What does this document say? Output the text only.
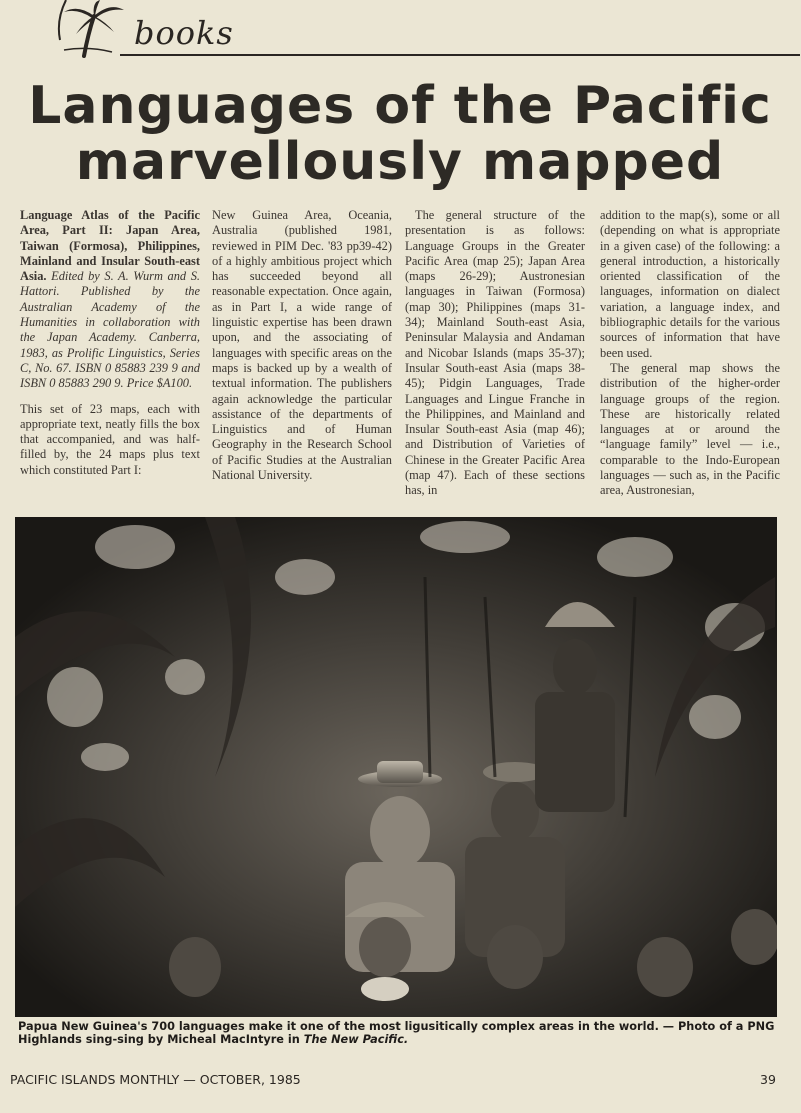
books
Languages of the Pacific
marvellously mapped
Language Atlas of the Pacific Area, Part II: Japan Area, Taiwan (Formosa), Philippines, Mainland and Insular South-east Asia. Edited by S. A. Wurm and S. Hattori. Published by the Australian Academy of the Humanities in collaboration with the Japan Academy. Canberra, 1983, as Prolific Linguistics, Series C, No. 67. ISBN 0 85883 239 9 and ISBN 0 85883 290 9. Price $A100.

This set of 23 maps, each with appropriate text, neatly fills the box that accompanied, and was half-filled by, the 24 maps plus text which constituted Part I:

New Guinea Area, Oceania, Australia (published 1981, reviewed in PIM Dec. '83 pp39-42) of a highly ambitious project which has succeeded beyond all reasonable expectation. Once again, as in Part I, a wide range of linguistic expertise has been drawn upon, and the associating of languages with specific areas on the maps is backed up by a wealth of textual information. The publishers again acknowledge the particular assistance of the departments of Linguistics and of Human Geography in the Research School of Pacific Studies at the Australian National University.

The general structure of the presentation is as follows: Language Groups in the Greater Pacific Area (map 25); Japan Area (maps 26-29); Austronesian languages in Taiwan (Formosa) (map 30); Philippines (maps 31-34); Mainland South-east Asia, Peninsular Malaysia and Andaman and Nicobar Islands (maps 35-37); Insular South-east Asia (maps 38-45); Pidgin Languages, Trade Languages and Lingue Franche in the Philippines, and Mainland and Insular South-east Asia (map 46); and Distribution of Varieties of Chinese in the Greater Pacific Area (map 47). Each of these sections has, in

addition to the map(s), some or all (depending on what is appropriate in a given case) of the following: a general introduction, a historically oriented classification of the languages, information on dialect variation, a language index, and bibliographic details for the various sources of information that have been used.

The general map shows the distribution of the higher-order language groups of the region. These are historically related languages at or around the “language family” level — i.e., comparable to the Indo-European languages — such as, in the Pacific area, Austronesian,

Papua New Guinea's 700 languages make it one of the most ligusitically complex areas in the world. — Photo of a PNG Highlands sing-sing by Micheal MacIntyre in The New Pacific.
PACIFIC ISLANDS MONTHLY — OCTOBER, 1985	39
